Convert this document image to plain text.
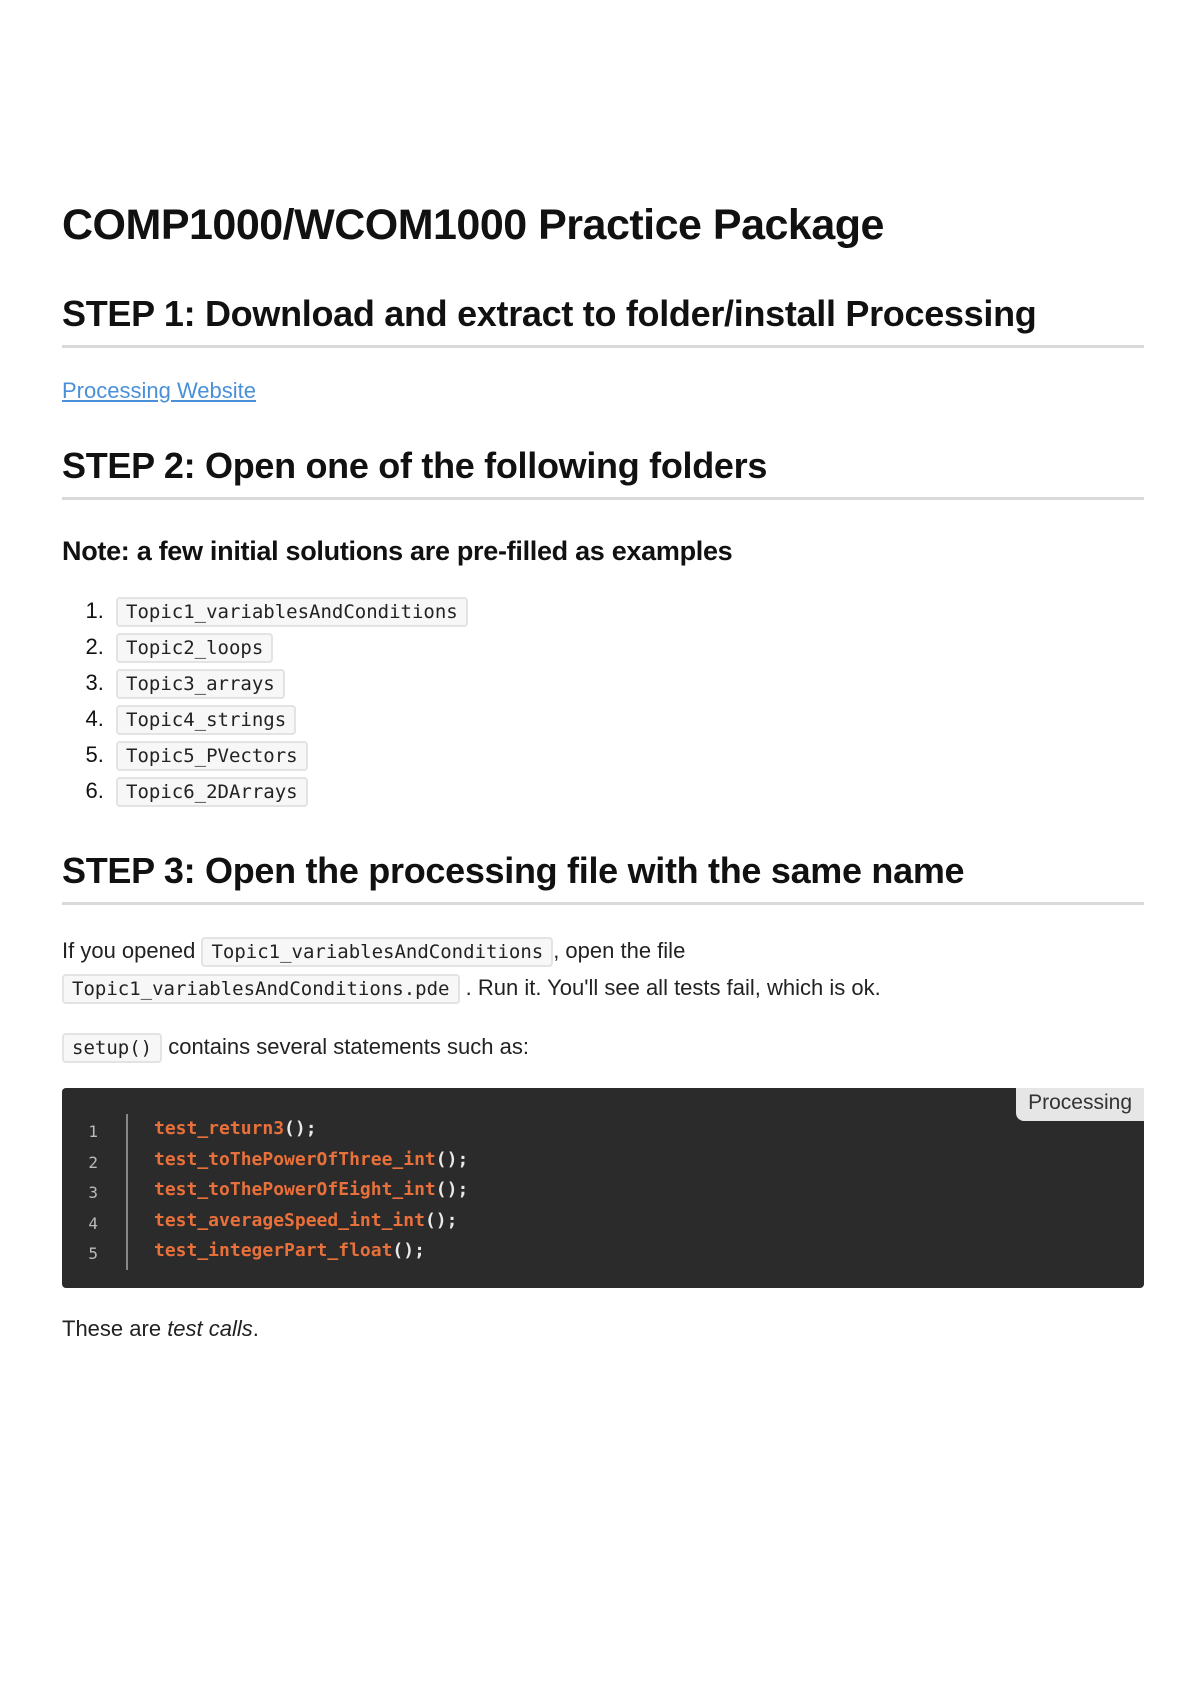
COMP1000/WCOM1000 Practice Package
STEP 1: Download and extract to folder/install Processing

Processing Website

STEP 2: Open one of the following folders
Note: a few initial solutions are pre-filled as examples
1. Topic1_variablesAndConditions
2. Topic2_loops
3. Topic3_arrays
4. Topic4_strings
5. Topic5_PVectors
6. Topic6_2DArrays
STEP 3: Open the processing file with the same name

If you opened Topic1_variablesAndConditions , open the file
Topic1_variablesAndConditions.pde . Run it. You'll see all tests fail, which is ok.

setup() contains several statements such as:

Processing
1	test_return3();
2	test_toThePowerOfThree_int();
3	test_toThePowerOfEight_int();
4	test_averageSpeed_int_int();
5	test_integerPart_float();

These are test calls.
